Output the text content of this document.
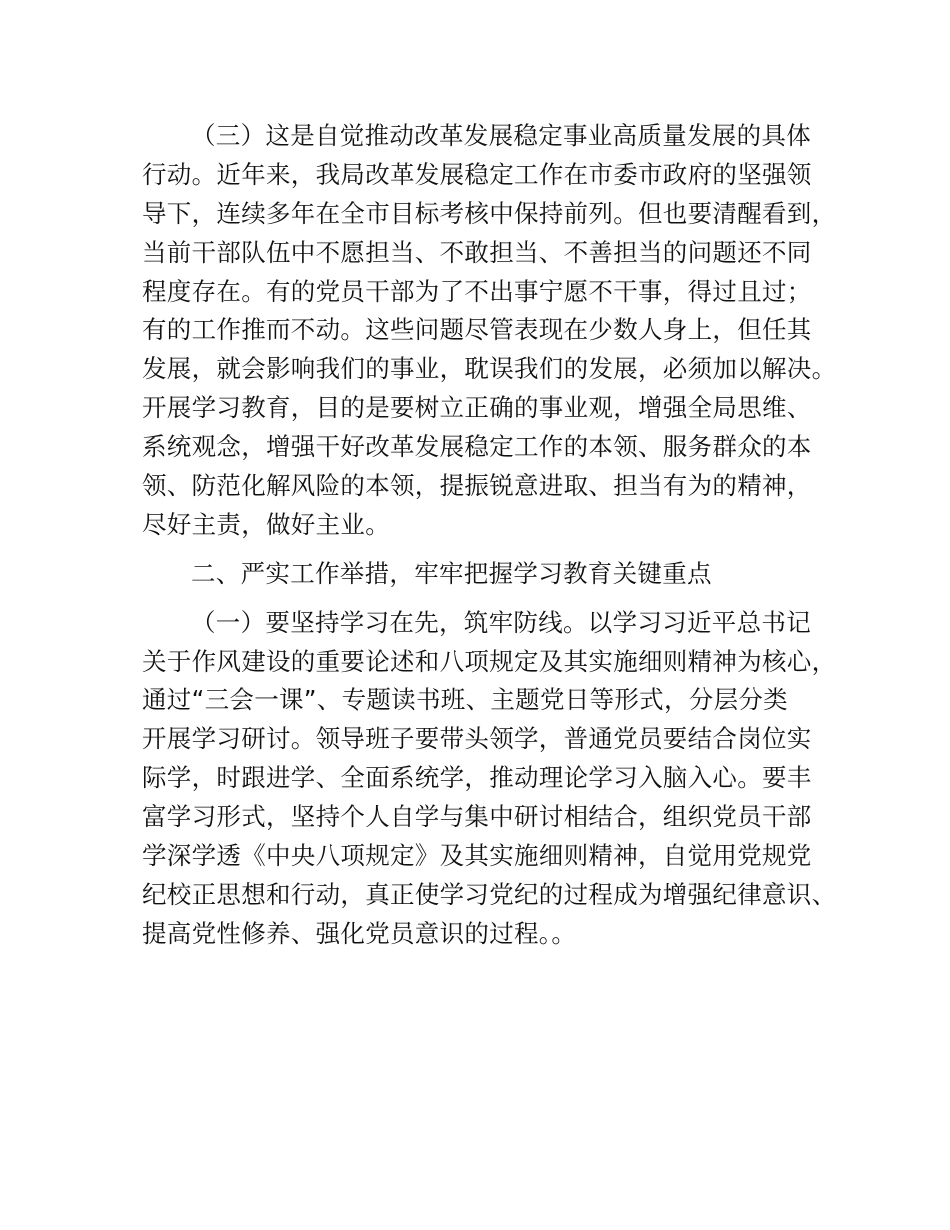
（三）这是自觉推动改革发展稳定事业高质量发展的具体
行动。近年来，我局改革发展稳定工作在市委市政府的坚强领
导下，连续多年在全市目标考核中保持前列。但也要清醒看到，
当前干部队伍中不愿担当、不敢担当、不善担当的问题还不同
程度存在。有的党员干部为了不出事宁愿不干事，得过且过；
有的工作推而不动。这些问题尽管表现在少数人身上，但任其
发展，就会影响我们的事业，耽误我们的发展，必须加以解决。
开展学习教育，目的是要树立正确的事业观，增强全局思维、
系统观念，增强干好改革发展稳定工作的本领、服务群众的本
领、防范化解风险的本领，提振锐意进取、担当有为的精神，
尽好主责，做好主业。
二、严实工作举措，牢牢把握学习教育关键重点
（一）要坚持学习在先，筑牢防线。以学习习近平总书记
关于作风建设的重要论述和八项规定及其实施细则精神为核心，
通过“三会一课”、专题读书班、主题党日等形式，分层分类
开展学习研讨。领导班子要带头领学，普通党员要结合岗位实
际学，时跟进学、全面系统学，推动理论学习入脑入心。要丰
富学习形式，坚持个人自学与集中研讨相结合，组织党员干部
学深学透《中央八项规定》及其实施细则精神，自觉用党规党
纪校正思想和行动，真正使学习党纪的过程成为增强纪律意识、
提高党性修养、强化党员意识的过程。。
